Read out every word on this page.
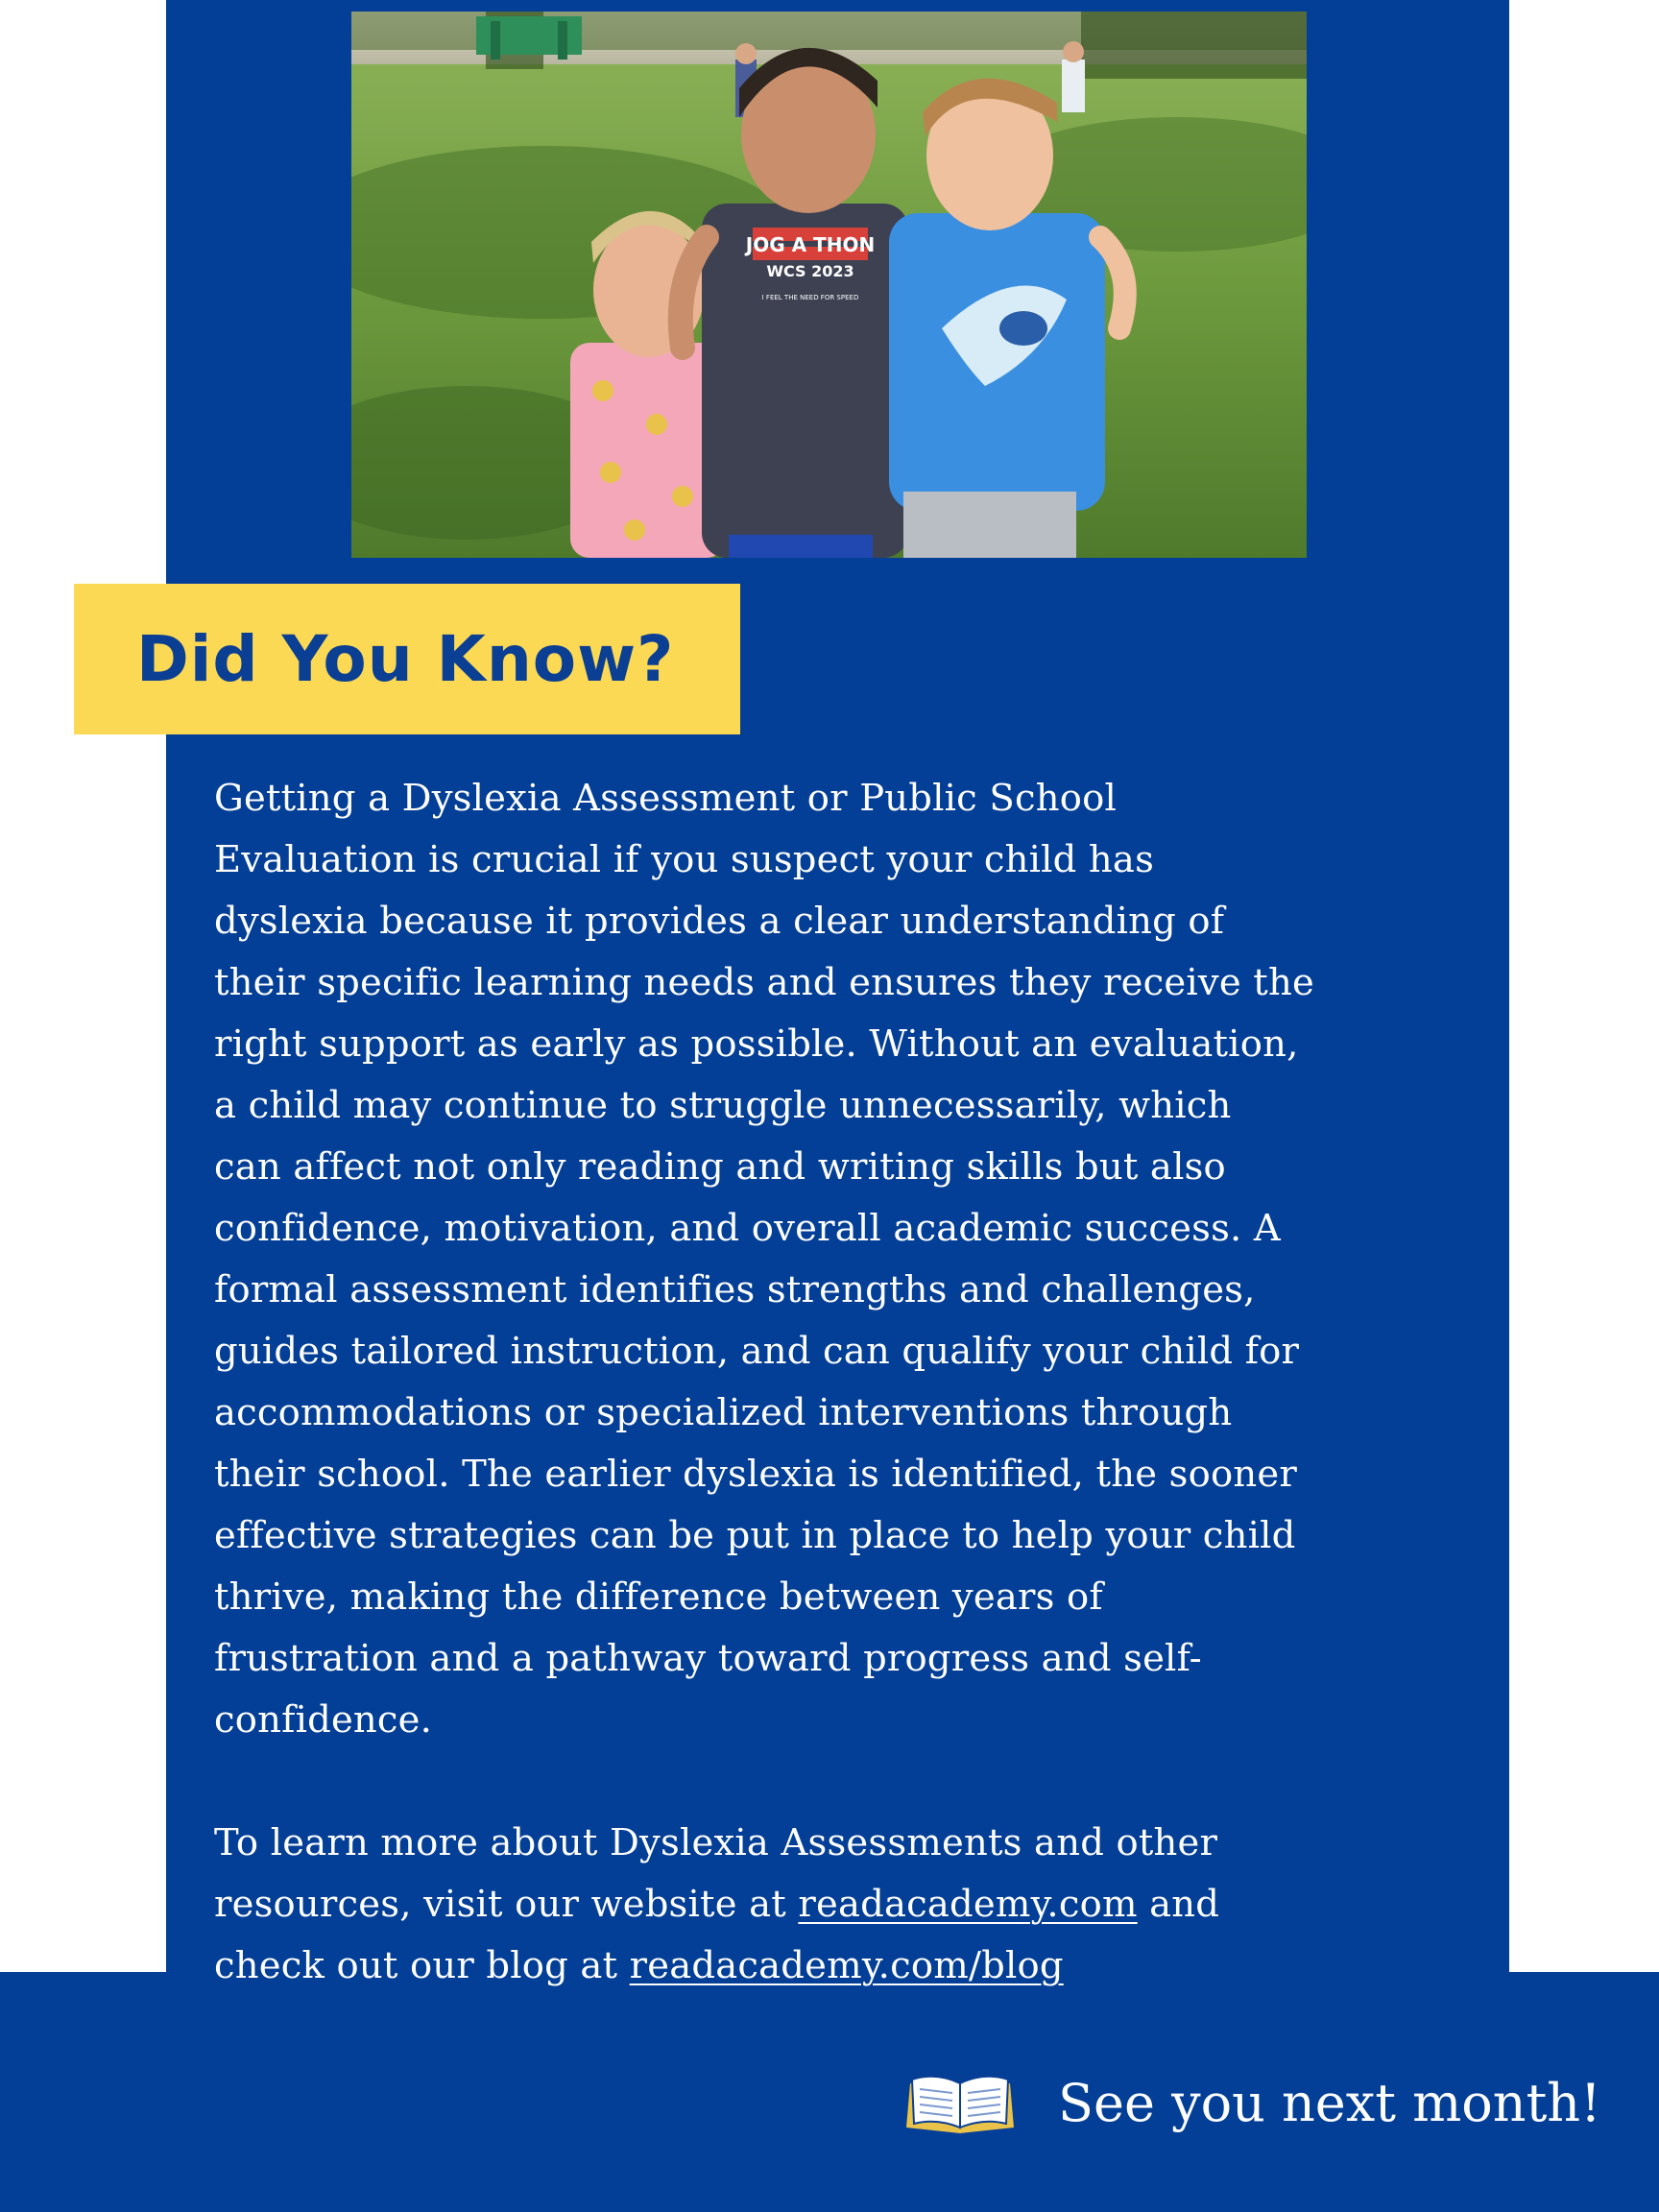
JOG A THON
WCS 2023
I FEEL THE NEED FOR SPEED
Did You Know?

Getting a Dyslexia Assessment or Public School

Evaluation is crucial if you suspect your child has

dyslexia because it provides a clear understanding of

their specific learning needs and ensures they receive the

right support as early as possible. Without an evaluation,

a child may continue to struggle unnecessarily, which

can affect not only reading and writing skills but also

confidence, motivation, and overall academic success. A

formal assessment identifies strengths and challenges,

guides tailored instruction, and can qualify your child for

accommodations or specialized interventions through

their school. The earlier dyslexia is identified, the sooner

effective strategies can be put in place to help your child

thrive, making the difference between years of

frustration and a pathway toward progress and self-

confidence.

To learn more about Dyslexia Assessments and other

resources, visit our website at readacademy.com and

check out our blog at readacademy.com/blog

See you next month!
